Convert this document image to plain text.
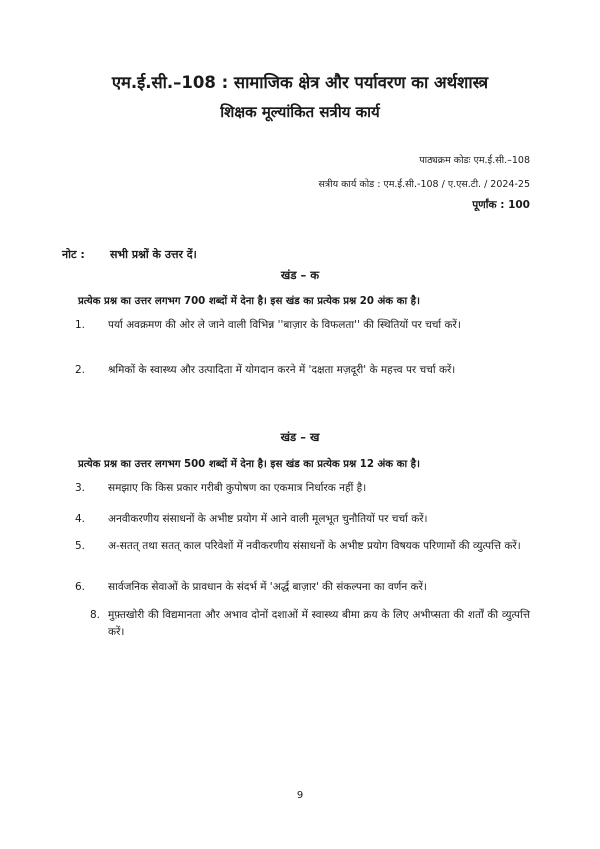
एम.ई.सी.–108 : सामाजिक क्षेत्र और पर्यावरण का अर्थशास्त्र
शिक्षक मूल्यांकित सत्रीय कार्य
पाठ्यक्रम कोडः एम.ई.सी.–108
सत्रीय कार्य कोड : एम.ई.सी.-108 / ए.एस.टी. / 2024-25
पूर्णांक : 100
नोट : सभी प्रश्नों के उत्तर दें।
खंड – क
प्रत्येक प्रश्न का उत्तर लगभग 700 शब्दों में देना है। इस खंड का प्रत्येक प्रश्न 20 अंक का है।
1. पर्या अवक्रमण की ओर ले जाने वाली विभिन्न ''बाज़ार के विफलता'' की स्थितियों पर चर्चा करें।
2. श्रमिकों के स्वास्थ्य और उत्पादिता में योगदान करने में 'दक्षता मज़दूरी' के महत्त्व पर चर्चा करें।
खंड – ख
प्रत्येक प्रश्न का उत्तर लगभग 500 शब्दों में देना है। इस खंड का प्रत्येक प्रश्न 12 अंक का है।
3. समझाए कि किस प्रकार गरीबी कुपोषण का एकमात्र निर्धारक नहीं है।
4. अनवीकरणीय संसाधनों के अभीष्ट प्रयोग में आने वाली मूलभूत चुनौतियों पर चर्चा करें।
5. अ-सतत् तथा सतत् काल परिवेशों में नवीकरणीय संसाधनों के अभीष्ट प्रयोग विषयक परिणामों की व्युत्पत्ति करें।
6. सार्वजनिक सेवाओं के प्रावधान के संदर्भ में 'अर्द्ध बाज़ार' की संकल्पना का वर्णन करें।
8. मुफ़्तखोरी की विद्यमानता और अभाव दोनों दशाओं में स्वास्थ्य बीमा क्रय के लिए अभीप्सता की शर्तों की व्युत्पत्ति करें।
9
